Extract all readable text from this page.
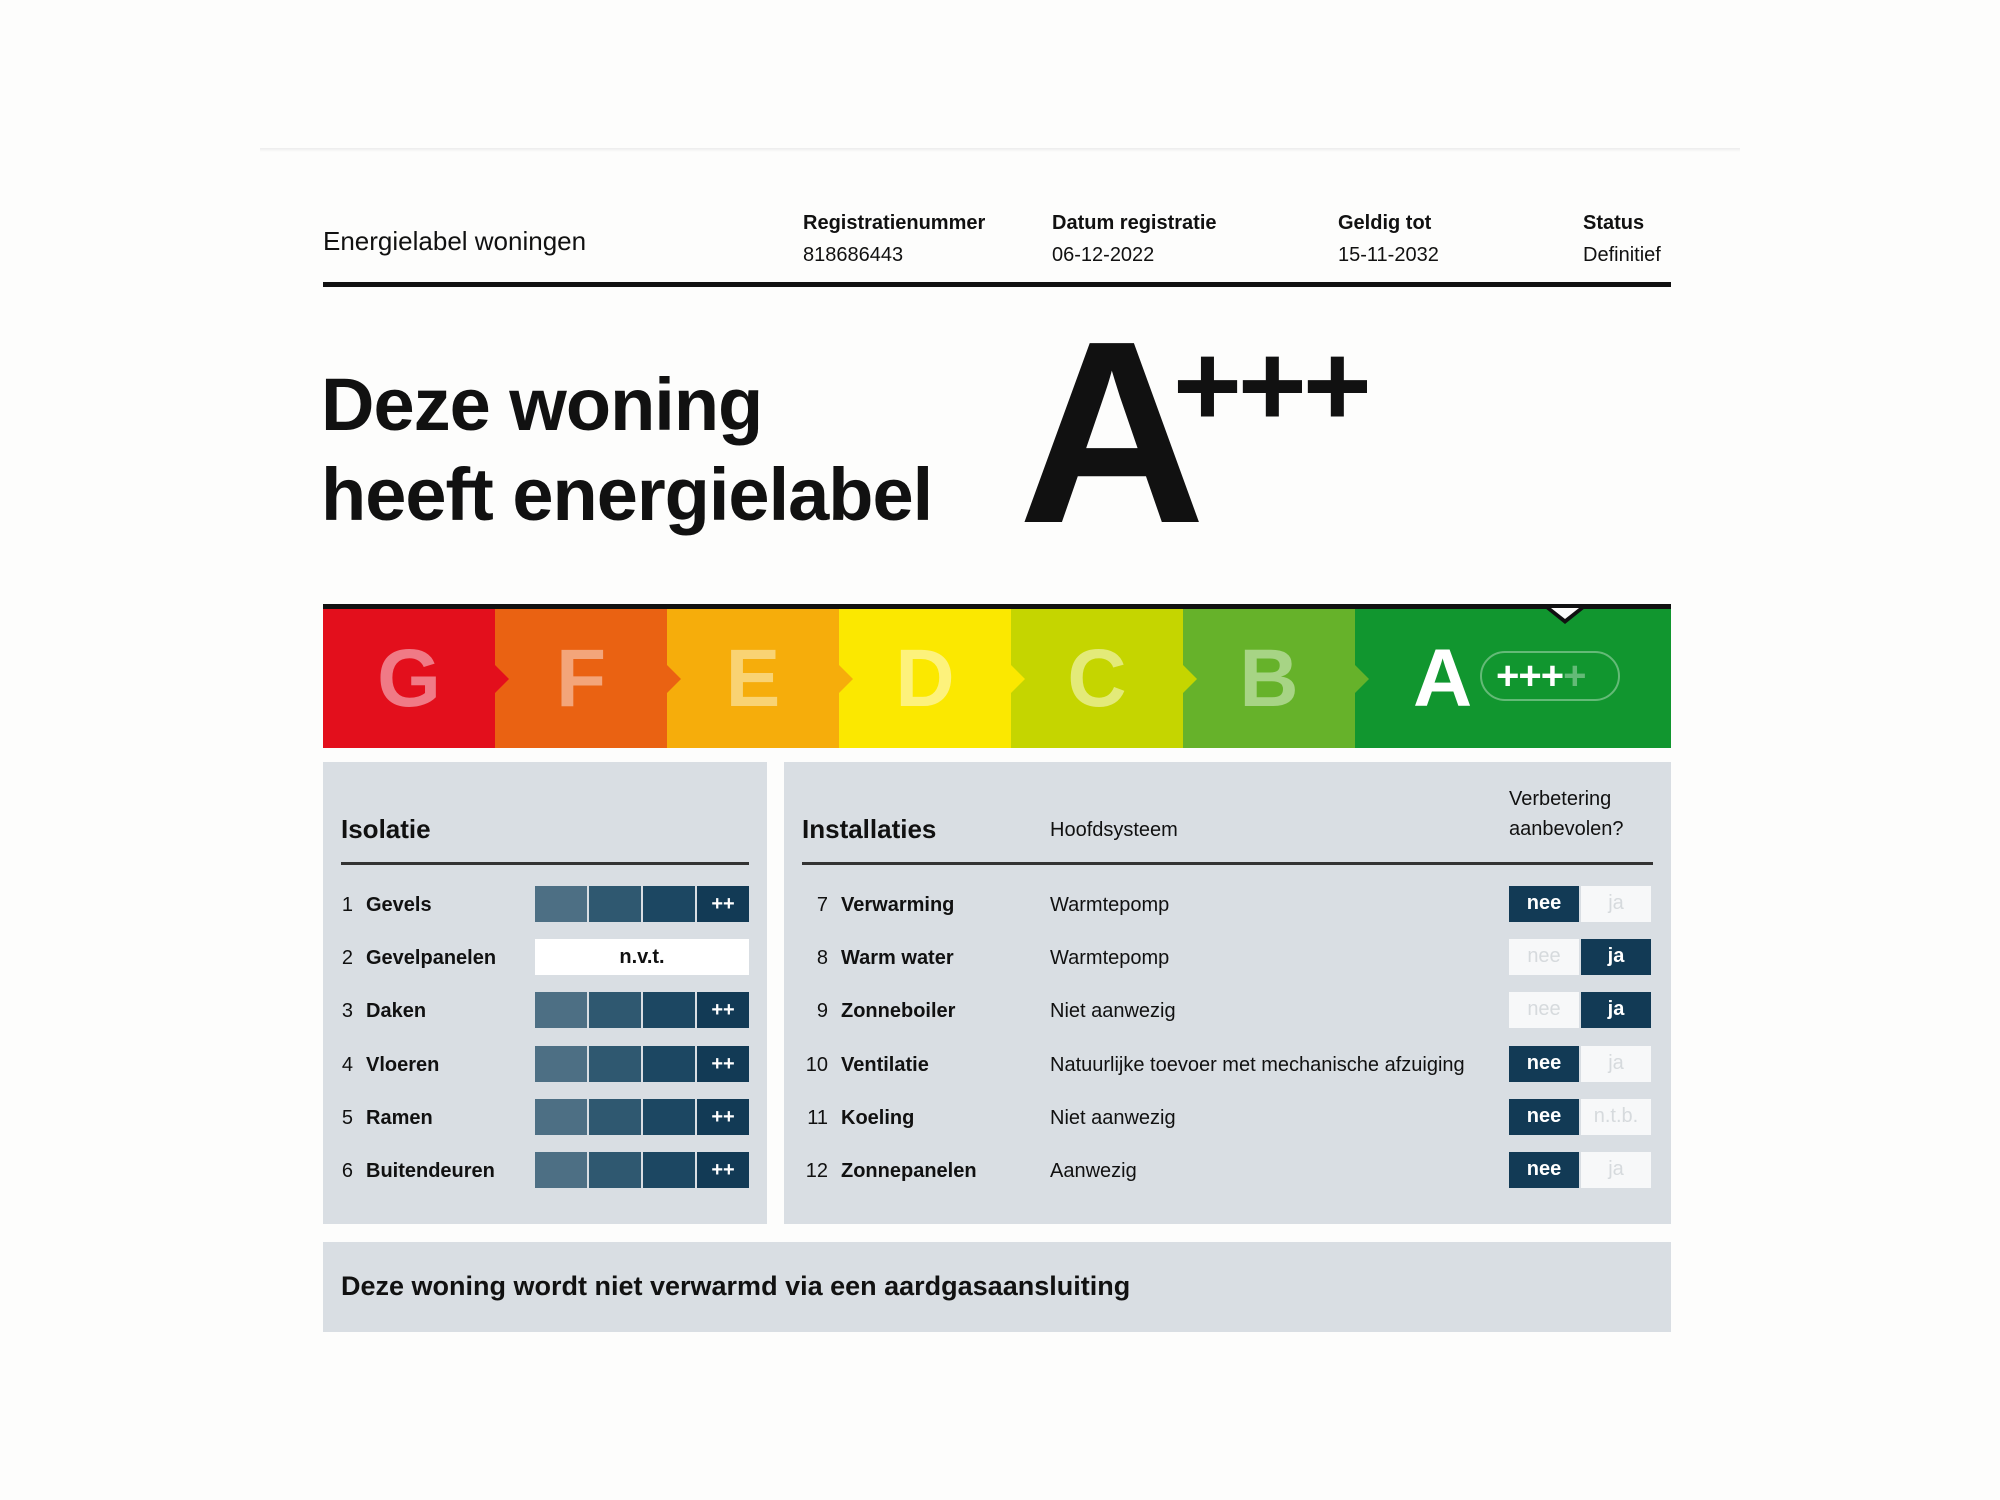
Energielabel woningen
Registratienummer
818686443
Datum registratie
06-12-2022
Geldig tot
15-11-2032
Status
Definitief
Deze woning
heeft energielabel A
+++
G F E D C B A +++ +
Isolatie
1 Gevels	++
2 Gevelpanelen	n.v.t.
3 Daken	++
4 Vloeren	++
5 Ramen	++
6 Buitendeuren	++
Installaties	Hoofdsysteem
Verbetering
aanbevolen?
7 Verwarming	Warmtepomp	nee	ja
8 Warm water	Warmtepomp	nee	ja
9 Zonneboiler	Niet aanwezig	nee	ja
10 Ventilatie	Natuurlijke toevoer met mechanische afzuiging	nee	ja
11 Koeling	Niet aanwezig	nee	n.t.b.
12 Zonnepanelen	Aanwezig	nee	ja
Deze woning wordt niet verwarmd via een aardgasaansluiting
